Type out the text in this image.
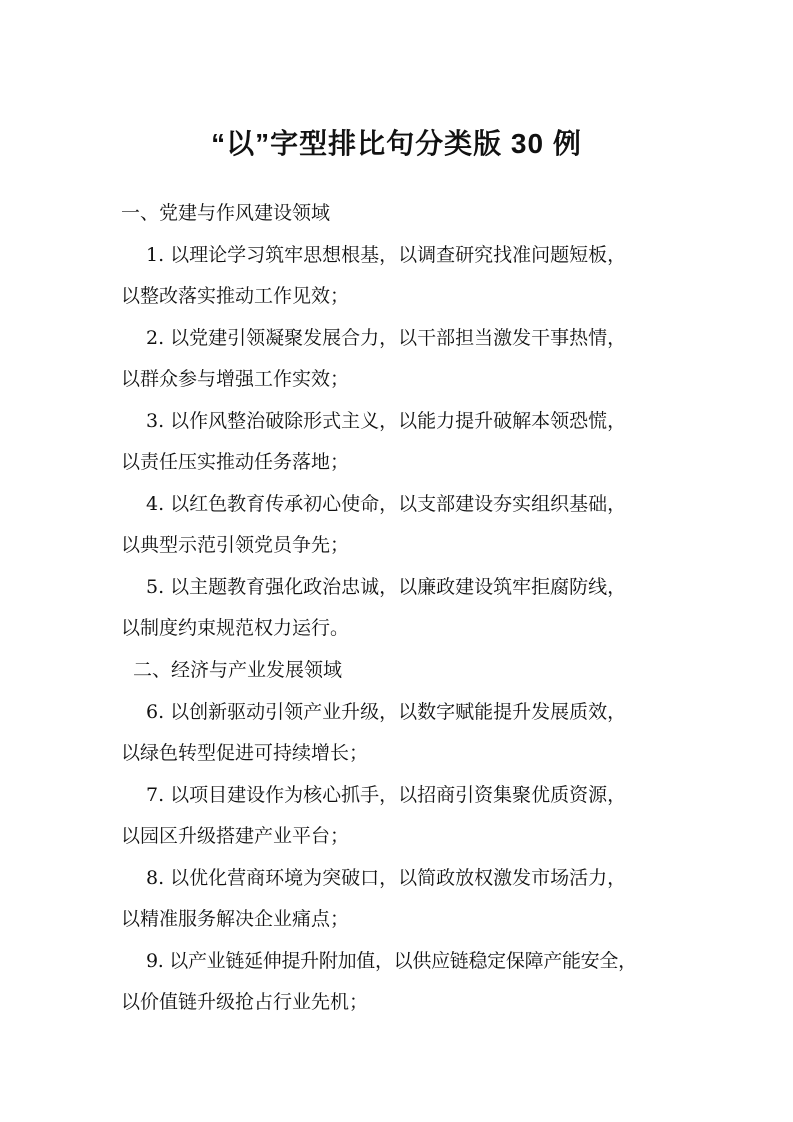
“以”字型排比句分类版 30 例
一、党建与作风建设领域
1. 以理论学习筑牢思想根基，以调查研究找准问题短板，
以整改落实推动工作见效；
2. 以党建引领凝聚发展合力，以干部担当激发干事热情，
以群众参与增强工作实效；
3. 以作风整治破除形式主义，以能力提升破解本领恐慌，
以责任压实推动任务落地；
4. 以红色教育传承初心使命，以支部建设夯实组织基础，
以典型示范引领党员争先；
5. 以主题教育强化政治忠诚，以廉政建设筑牢拒腐防线，
以制度约束规范权力运行。
二、经济与产业发展领域
6. 以创新驱动引领产业升级，以数字赋能提升发展质效，
以绿色转型促进可持续增长；
7. 以项目建设作为核心抓手，以招商引资集聚优质资源，
以园区升级搭建产业平台；
8. 以优化营商环境为突破口，以简政放权激发市场活力，
以精准服务解决企业痛点；
9. 以产业链延伸提升附加值，以供应链稳定保障产能安全，
以价值链升级抢占行业先机；
